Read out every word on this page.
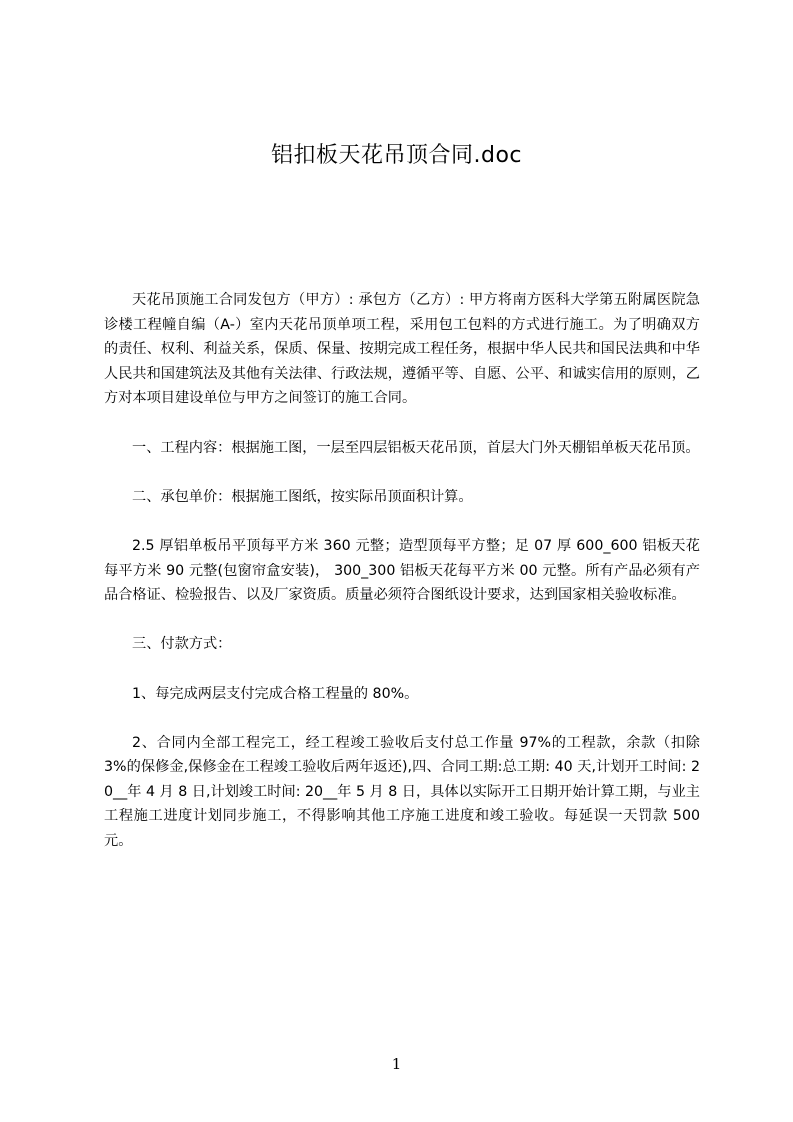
铝扣板天花吊顶合同.doc

天花吊顶施工合同发包方（甲方）: 承包方（乙方）: 甲方将南方医科大学第五附属医院急诊楼工程幢自编（A-）室内天花吊顶单项工程，采用包工包料的方式进行施工。为了明确双方的责任、权利、利益关系，保质、保量、按期完成工程任务，根据中华人民共和国民法典和中华人民共和国建筑法及其他有关法律、行政法规，遵循平等、自愿、公平、和诚实信用的原则，乙方对本项目建设单位与甲方之间签订的施工合同。

一、工程内容：根据施工图，一层至四层铝板天花吊顶，首层大门外天棚铝单板天花吊顶。

二、承包单价：根据施工图纸，按实际吊顶面积计算。

2.5 厚铝单板吊平顶每平方米 360 元整；造型顶每平方整；足 07 厚 600_600 铝板天花每平方米 90 元整(包窗帘盒安装)， 300_300 铝板天花每平方米 00 元整。所有产品必须有产品合格证、检验报告、以及厂家资质。质量必须符合图纸设计要求，达到国家相关验收标准。

三、付款方式：

1、每完成两层支付完成合格工程量的 80%。

2、合同内全部工程完工，经工程竣工验收后支付总工作量 97%的工程款，余款（扣除 3%的保修金,保修金在工程竣工验收后两年返还),四、合同工期:总工期: 40 天,计划开工时间: 20__年 4 月 8 日,计划竣工时间: 20__年 5 月 8 日，具体以实际开工日期开始计算工期，与业主工程施工进度计划同步施工，不得影响其他工序施工进度和竣工验收。每延误一天罚款 500 元。

1
